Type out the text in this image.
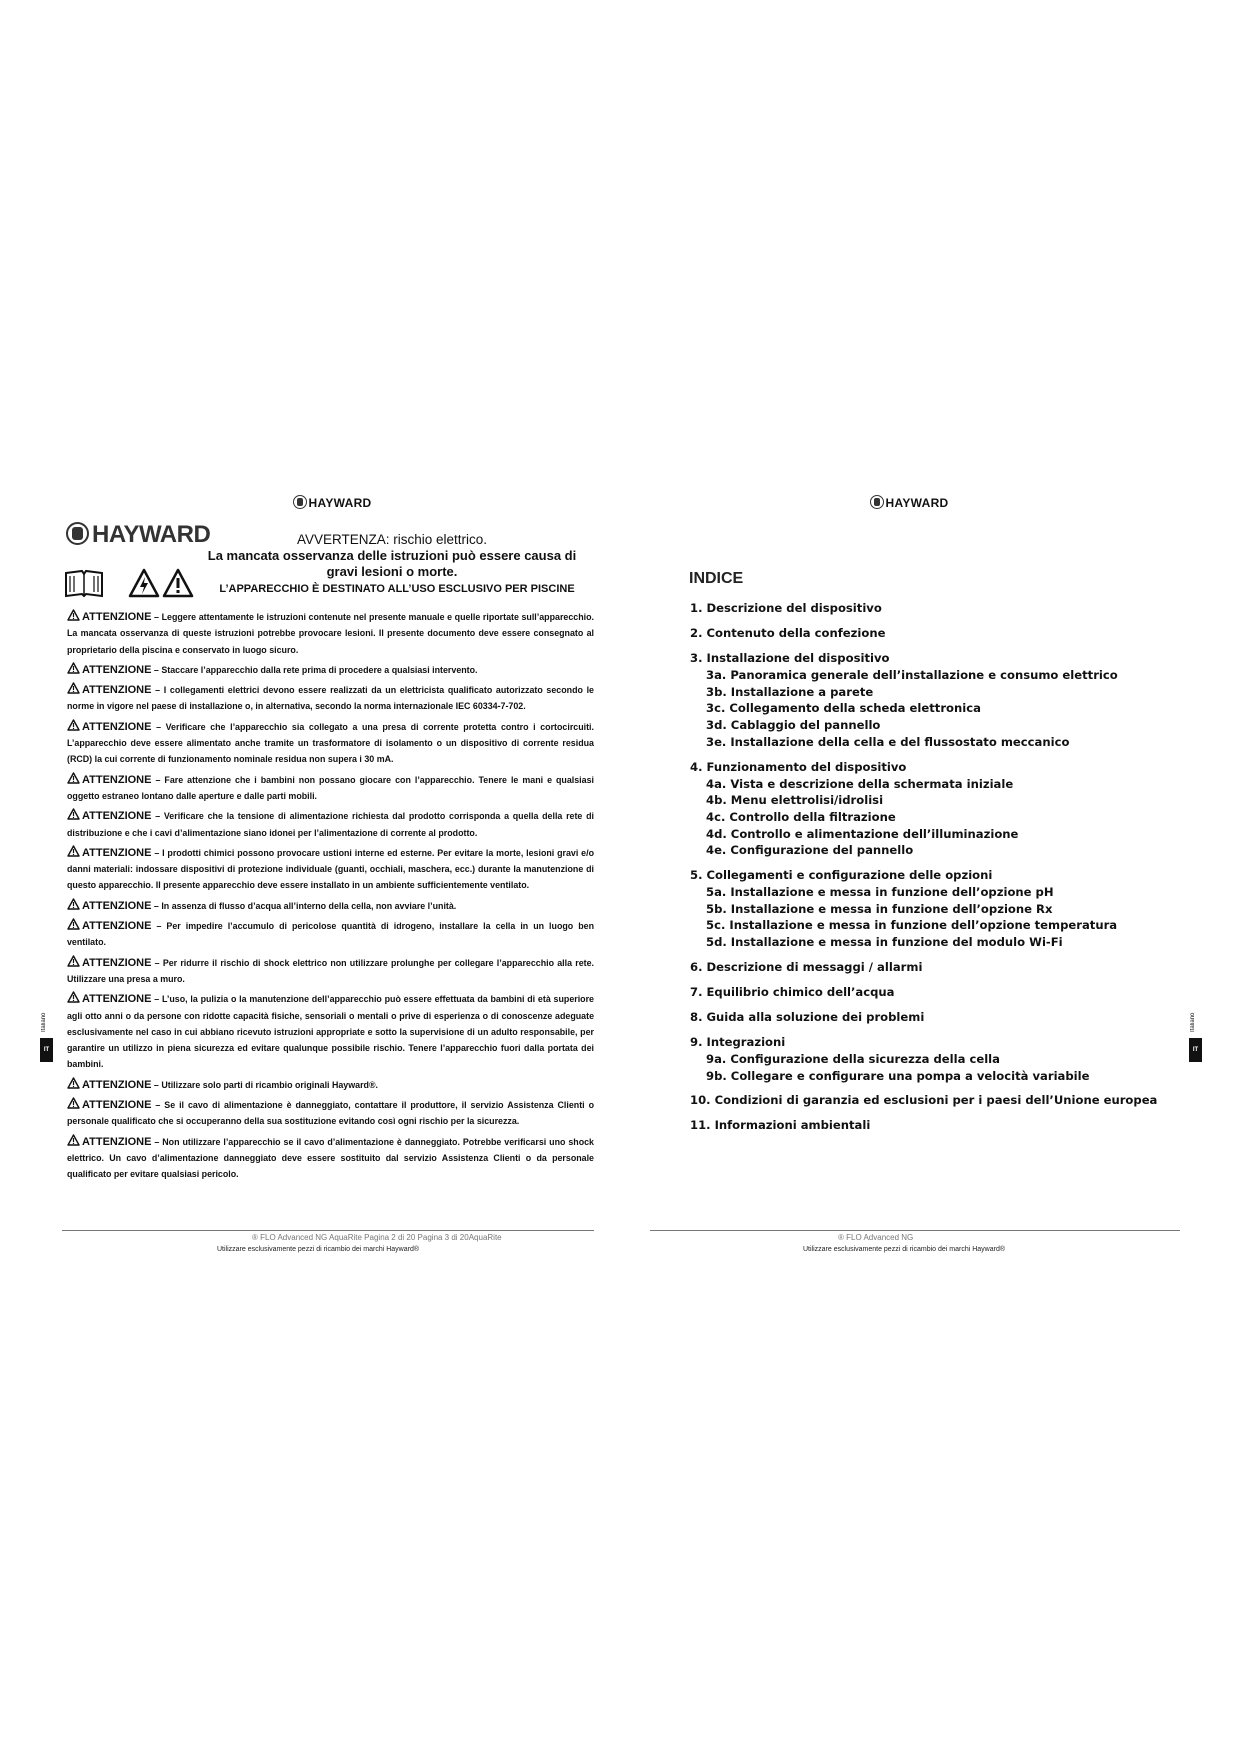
HAYWARD
HAYWARD	AVVERTENZA: rischio elettrico.
La mancata osservanza delle istruzioni può essere causa di
gravi lesioni o morte.
L’APPARECCHIO È DESTINATO ALL’USO ESCLUSIVO PER PISCINE

ATTENZIONE – Leggere attentamente le istruzioni contenute nel presente manuale e quelle riportate sull’apparecchio. La mancata osservanza di queste istruzioni potrebbe provocare lesioni. Il presente documento deve essere consegnato al proprietario della piscina e conservato in luogo sicuro.

ATTENZIONE – Staccare l’apparecchio dalla rete prima di procedere a qualsiasi intervento.

ATTENZIONE – I collegamenti elettrici devono essere realizzati da un elettricista qualificato autorizzato secondo le norme in vigore nel paese di installazione o, in alternativa, secondo la norma internazionale IEC 60334-7-702.

ATTENZIONE – Verificare che l’apparecchio sia collegato a una presa di corrente protetta contro i cortocircuiti. L’apparecchio deve essere alimentato anche tramite un trasformatore di isolamento o un dispositivo di corrente residua (RCD) la cui corrente di funzionamento nominale residua non supera i 30 mA.

ATTENZIONE – Fare attenzione che i bambini non possano giocare con l’apparecchio. Tenere le mani e qualsiasi oggetto estraneo lontano dalle aperture e dalle parti mobili.

ATTENZIONE – Verificare che la tensione di alimentazione richiesta dal prodotto corrisponda a quella della rete di distribuzione e che i cavi d’alimentazione siano idonei per l’alimentazione di corrente al prodotto.

ATTENZIONE – I prodotti chimici possono provocare ustioni interne ed esterne. Per evitare la morte, lesioni gravi e/o danni materiali: indossare dispositivi di protezione individuale (guanti, occhiali, maschera, ecc.) durante la manutenzione di questo apparecchio. Il presente apparecchio deve essere installato in un ambiente sufficientemente ventilato.

ATTENZIONE – In assenza di flusso d’acqua all’interno della cella, non avviare l’unità.

ATTENZIONE – Per impedire l’accumulo di pericolose quantità di idrogeno, installare la cella in un luogo ben ventilato.

ATTENZIONE – Per ridurre il rischio di shock elettrico non utilizzare prolunghe per collegare l’apparecchio alla rete. Utilizzare una presa a muro.

ATTENZIONE – L’uso, la pulizia o la manutenzione dell’apparecchio può essere effettuata da bambini di età superiore agli otto anni o da persone con ridotte capacità fisiche, sensoriali o mentali o prive di esperienza o di conoscenze adeguate esclusivamente nel caso in cui abbiano ricevuto istruzioni appropriate e sotto la supervisione di un adulto responsabile, per garantire un utilizzo in piena sicurezza ed evitare qualunque possibile rischio. Tenere l’apparecchio fuori dalla portata dei bambini.

ATTENZIONE – Utilizzare solo parti di ricambio originali Hayward®.

ATTENZIONE – Se il cavo di alimentazione è danneggiato, contattare il produttore, il servizio Assistenza Clienti o personale qualificato che si occuperanno della sua sostituzione evitando così ogni rischio per la sicurezza.

ATTENZIONE – Non utilizzare l’apparecchio se il cavo d’alimentazione è danneggiato. Potrebbe verificarsi uno shock elettrico. Un cavo d’alimentazione danneggiato deve essere sostituito dal servizio Assistenza Clienti o da personale qualificato per evitare qualsiasi pericolo.

® FLO Advanced NG AquaRite Pagina 2 di 20 Pagina 3 di 20AquaRite
Utilizzare esclusivamente pezzi di ricambio dei marchi Hayward®
Italiano
IT
HAYWARD
INDICE
1. Descrizione del dispositivo
2. Contenuto della confezione
3. Installazione del dispositivo
3a. Panoramica generale dell’installazione e consumo elettrico
3b. Installazione a parete
3c. Collegamento della scheda elettronica
3d. Cablaggio del pannello
3e. Installazione della cella e del flussostato meccanico
4. Funzionamento del dispositivo
4a. Vista e descrizione della schermata iniziale
4b. Menu elettrolisi/idrolisi
4c. Controllo della filtrazione
4d. Controllo e alimentazione dell’illuminazione
4e. Configurazione del pannello
5. Collegamenti e configurazione delle opzioni
5a. Installazione e messa in funzione dell’opzione pH
5b. Installazione e messa in funzione dell’opzione Rx
5c. Installazione e messa in funzione dell’opzione temperatura
5d. Installazione e messa in funzione del modulo Wi-Fi
6. Descrizione di messaggi / allarmi
7. Equilibrio chimico dell’acqua
8. Guida alla soluzione dei problemi
9. Integrazioni
9a. Configurazione della sicurezza della cella
9b. Collegare e configurare una pompa a velocità variabile
10. Condizioni di garanzia ed esclusioni per i paesi dell’Unione europea
11. Informazioni ambientali
® FLO Advanced NG
Utilizzare esclusivamente pezzi di ricambio dei marchi Hayward®
Italiano
IT
